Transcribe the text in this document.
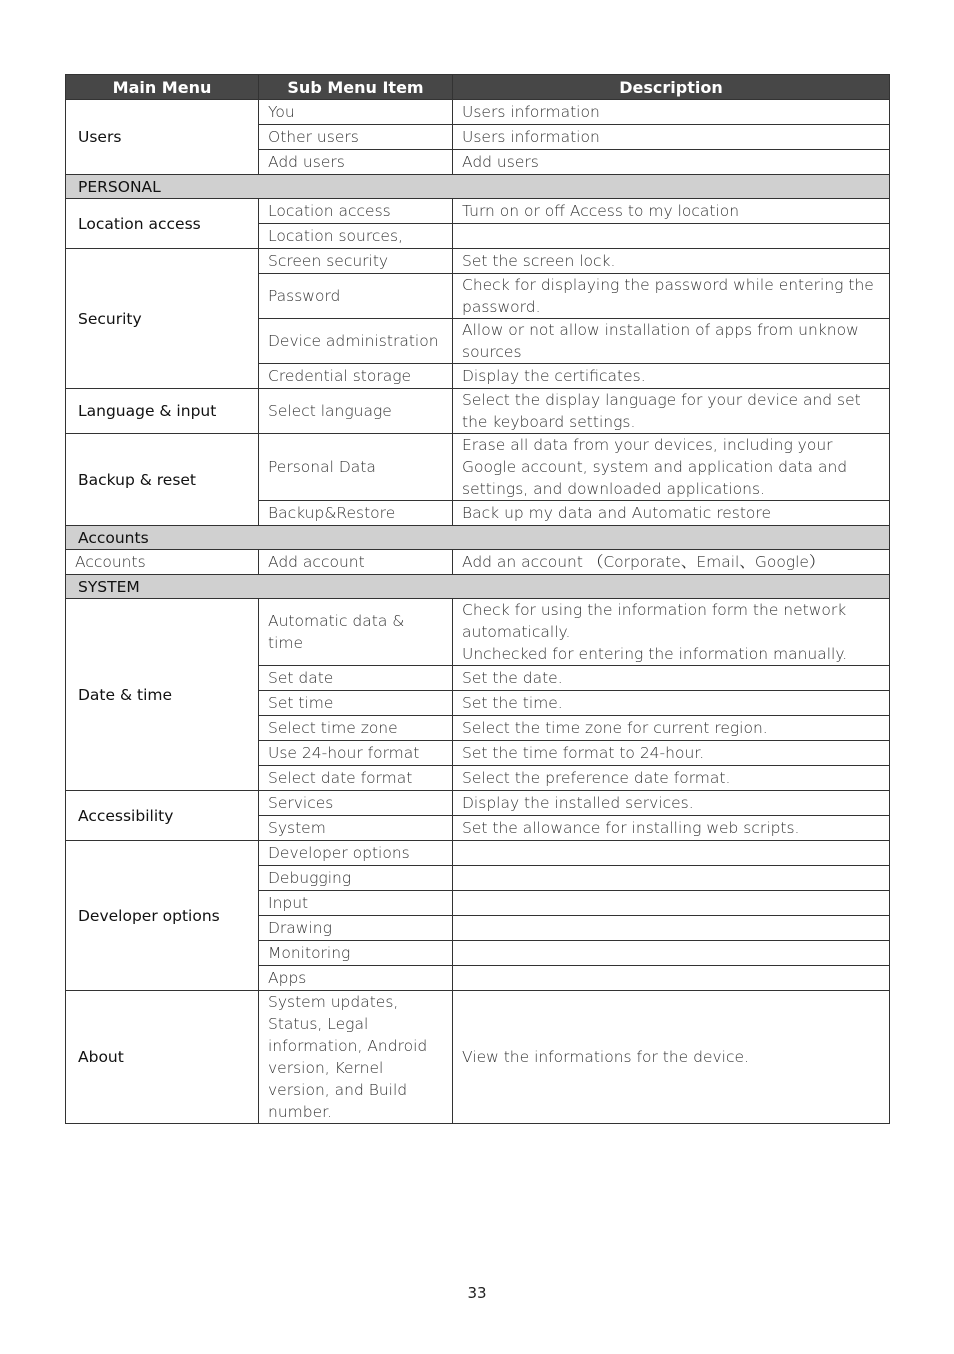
Main Menu	Sub Menu Item	Description
Users	You	Users information
	Other users	Users information
	Add users	Add users
PERSONAL		
Location access	Location access	Turn on or off Access to my location
	Location sources,	
Security	Screen security	Set the screen lock.
	Password	Check for displaying the password while entering the password.
	Device administration	Allow or not allow installation of apps from unknow sources
	Credential storage	Display the certificates.
Language & input	Select language	Select the display language for your device and set the keyboard settings.
Backup & reset	Personal Data	Erase all data from your devices, including your Google account, system and application data and settings, and downloaded applications.
	Backup&Restore	Back up my data and Automatic restore
Accounts		
Accounts	Add account	Add an account （Corporate、Email、Google）
SYSTEM		
Date & time	Automatic data & time	Check for using the information form the network automatically.
Unchecked for entering the information manually.
	Set date	Set the date.
	Set time	Set the time.
	Select time zone	Select the time zone for current region.
	Use 24-hour format	Set the time format to 24-hour.
	Select date format	Select the preference date format.
Accessibility	Services	Display the installed services.
	System	Set the allowance for installing web scripts.
Developer options	Developer options	
	Debugging	
	Input	
	Drawing	
	Monitoring	
	Apps	
About	System updates, Status, Legal information, Android version, Kernel version, and Build number.	View the informations for the device.
33
